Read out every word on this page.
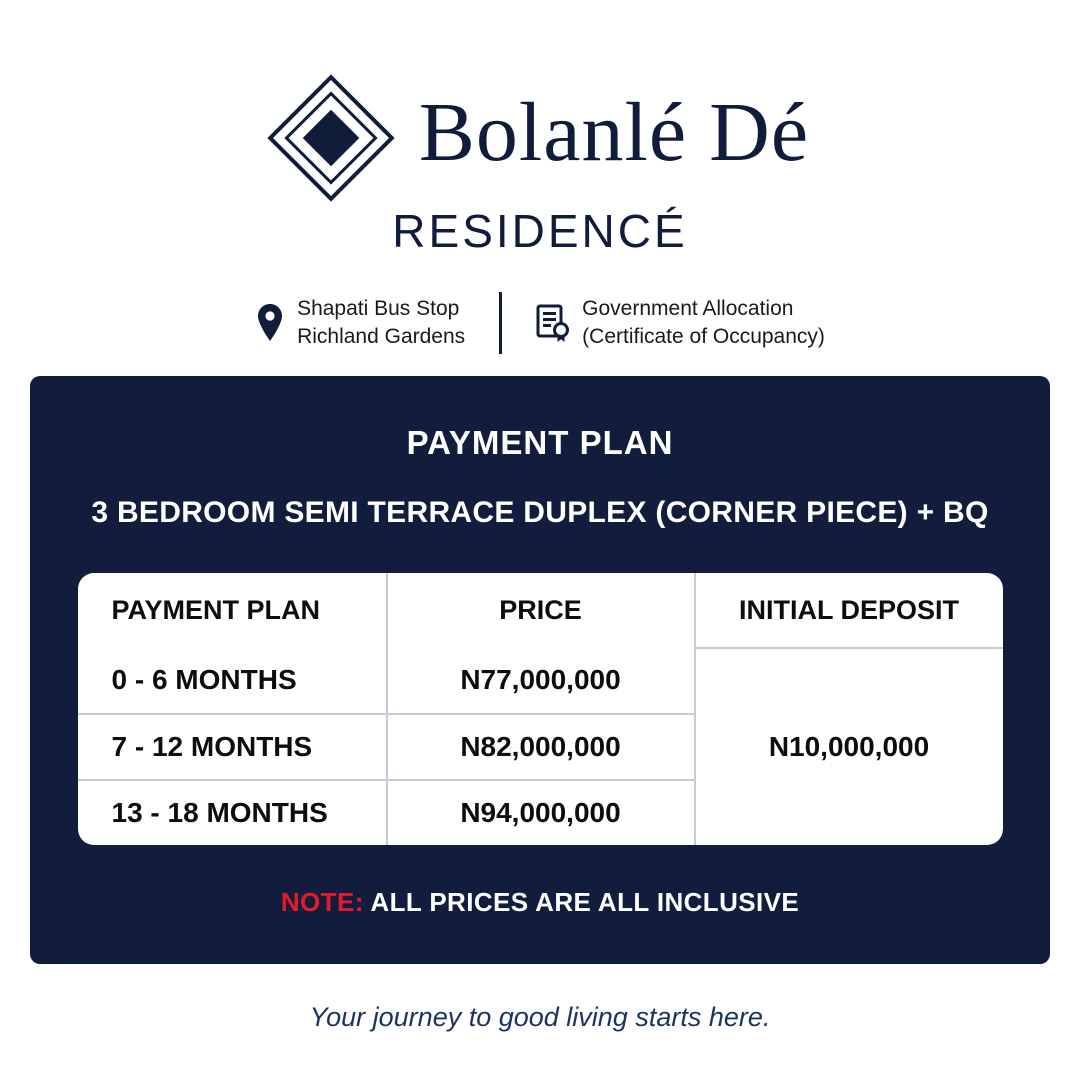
Bolanlé Dé
RESIDENCÉ
Shapati Bus Stop
Richland Gardens
Government Allocation
(Certificate of Occupancy)
PAYMENT PLAN
3 BEDROOM SEMI TERRACE DUPLEX (CORNER PIECE) + BQ
PAYMENT PLAN	PRICE	INITIAL DEPOSIT
0 - 6 MONTHS	N77,000,000
7 - 12 MONTHS	N82,000,000
13 - 18 MONTHS	N94,000,000
N10,000,000
NOTE: ALL PRICES ARE ALL INCLUSIVE
Your journey to good living starts here.
